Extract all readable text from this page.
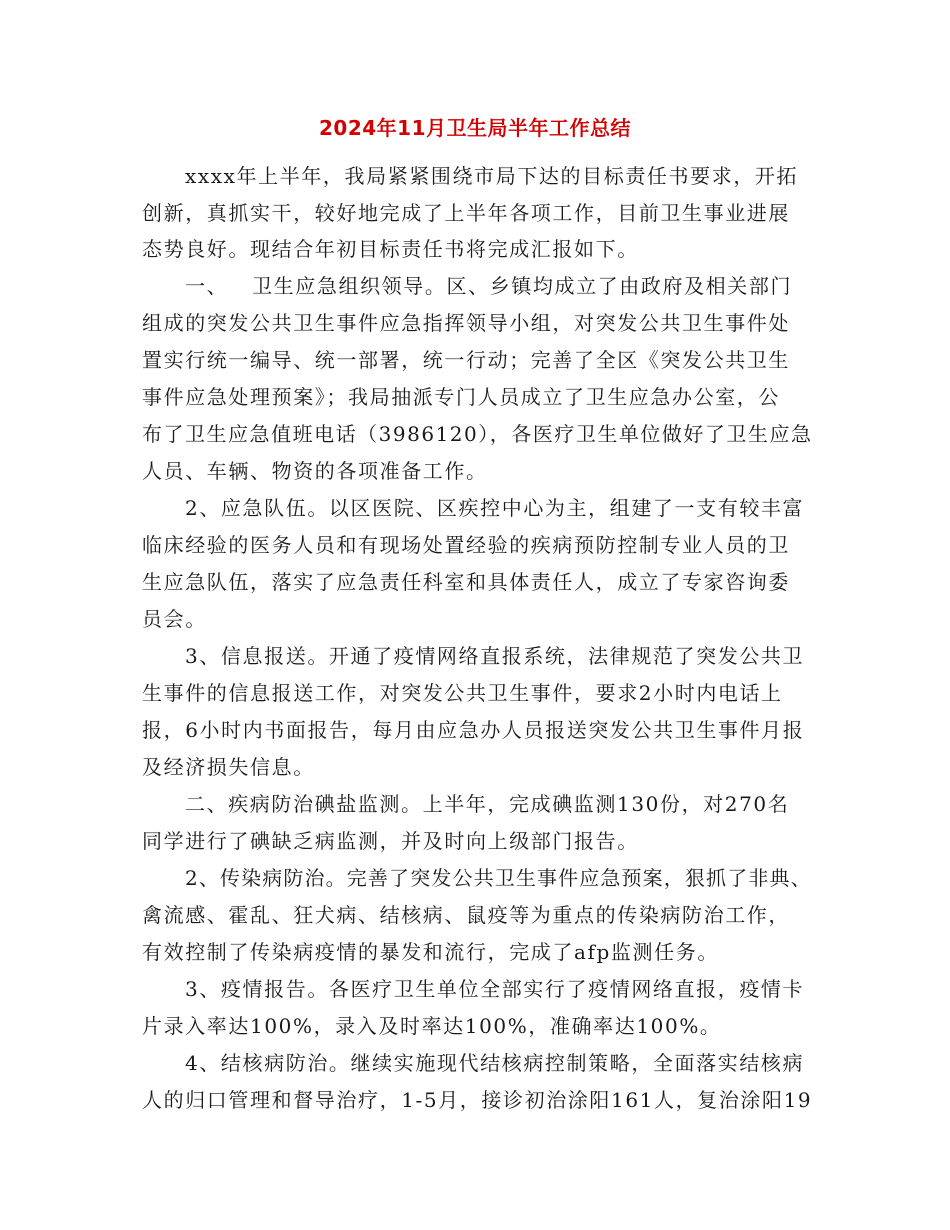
2024年11月卫生局半年工作总结

xxxx年上半年，我局紧紧围绕市局下达的目标责任书要求，开拓

创新，真抓实干，较好地完成了上半年各项工作，目前卫生事业进展

态势良好。现结合年初目标责任书将完成汇报如下。

一、   卫生应急组织领导。区、乡镇均成立了由政府及相关部门

组成的突发公共卫生事件应急指挥领导小组，对突发公共卫生事件处

置实行统一编导、统一部署，统一行动；完善了全区《突发公共卫生

事件应急处理预案》；我局抽派专门人员成立了卫生应急办公室，公

布了卫生应急值班电话（3986120），各医疗卫生单位做好了卫生应急

人员、车辆、物资的各项准备工作。

2、应急队伍。以区医院、区疾控中心为主，组建了一支有较丰富

临床经验的医务人员和有现场处置经验的疾病预防控制专业人员的卫

生应急队伍，落实了应急责任科室和具体责任人，成立了专家咨询委

员会。

3、信息报送。开通了疫情网络直报系统，法律规范了突发公共卫

生事件的信息报送工作，对突发公共卫生事件，要求2小时内电话上

报，6小时内书面报告，每月由应急办人员报送突发公共卫生事件月报

及经济损失信息。

二、疾病防治碘盐监测。上半年，完成碘监测130份，对270名

同学进行了碘缺乏病监测，并及时向上级部门报告。

2、传染病防治。完善了突发公共卫生事件应急预案，狠抓了非典、

禽流感、霍乱、狂犬病、结核病、鼠疫等为重点的传染病防治工作，

有效控制了传染病疫情的暴发和流行，完成了afp监测任务。

3、疫情报告。各医疗卫生单位全部实行了疫情网络直报，疫情卡

片录入率达100%，录入及时率达100%，准确率达100%。

4、结核病防治。继续实施现代结核病控制策略，全面落实结核病

人的归口管理和督导治疗，1-5月，接诊初治涂阳161人，复治涂阳19
